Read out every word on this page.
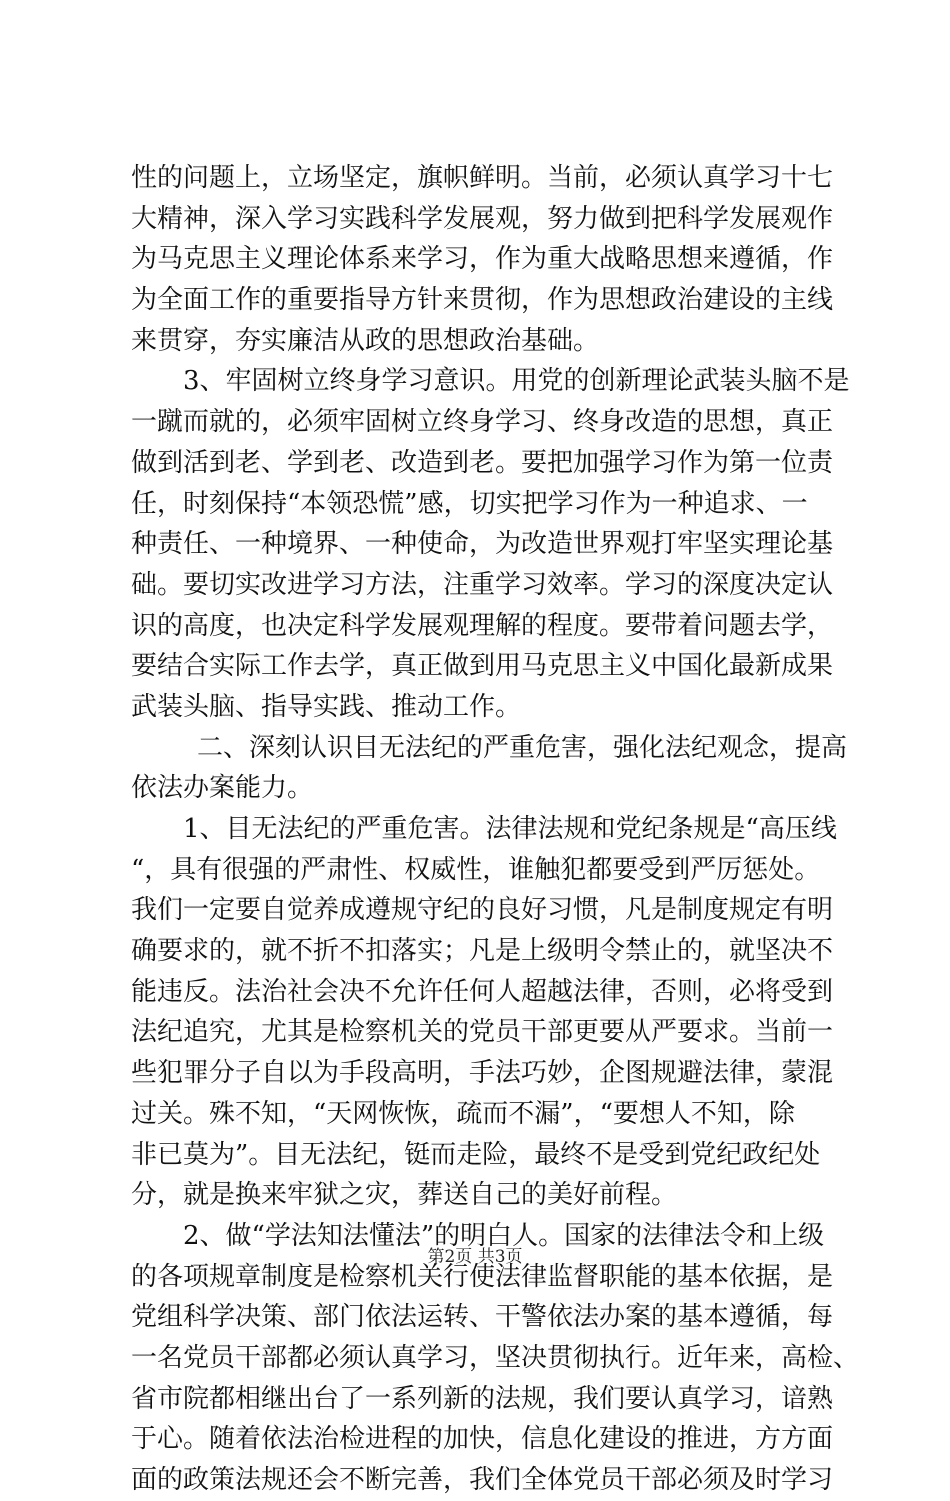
性的问题上，立场坚定，旗帜鲜明。当前，必须认真学习十七
大精神，深入学习实践科学发展观，努力做到把科学发展观作
为马克思主义理论体系来学习，作为重大战略思想来遵循，作
为全面工作的重要指导方针来贯彻，作为思想政治建设的主线
来贯穿，夯实廉洁从政的思想政治基础。
3、牢固树立终身学习意识。用党的创新理论武装头脑不是
一蹴而就的，必须牢固树立终身学习、终身改造的思想，真正
做到活到老、学到老、改造到老。要把加强学习作为第一位责
任，时刻保持“本领恐慌”感，切实把学习作为一种追求、一
种责任、一种境界、一种使命，为改造世界观打牢坚实理论基
础。要切实改进学习方法，注重学习效率。学习的深度决定认
识的高度，也决定科学发展观理解的程度。要带着问题去学，
要结合实际工作去学，真正做到用马克思主义中国化最新成果
武装头脑、指导实践、推动工作。
二、深刻认识目无法纪的严重危害，强化法纪观念，提高
依法办案能力。
1、目无法纪的严重危害。法律法规和党纪条规是“高压线
“，具有很强的严肃性、权威性，谁触犯都要受到严厉惩处。
我们一定要自觉养成遵规守纪的良好习惯，凡是制度规定有明
确要求的，就不折不扣落实；凡是上级明令禁止的，就坚决不
能违反。法治社会决不允许任何人超越法律，否则，必将受到
法纪追究，尤其是检察机关的党员干部更要从严要求。当前一
些犯罪分子自以为手段高明，手法巧妙，企图规避法律，蒙混
过关。殊不知，“天网恢恢，疏而不漏”，“要想人不知，除
非已莫为”。目无法纪，铤而走险，最终不是受到党纪政纪处
分，就是换来牢狱之灾，葬送自己的美好前程。
2、做“学法知法懂法”的明白人。国家的法律法令和上级
的各项规章制度是检察机关行使法律监督职能的基本依据，是
党组科学决策、部门依法运转、干警依法办案的基本遵循，每
一名党员干部都必须认真学习，坚决贯彻执行。近年来，高检、
省市院都相继出台了一系列新的法规，我们要认真学习，谙熟
于心。随着依法治检进程的加快，信息化建设的推进，方方面
面的政策法规还会不断完善，我们全体党员干部必须及时学习
第2页 共3页
